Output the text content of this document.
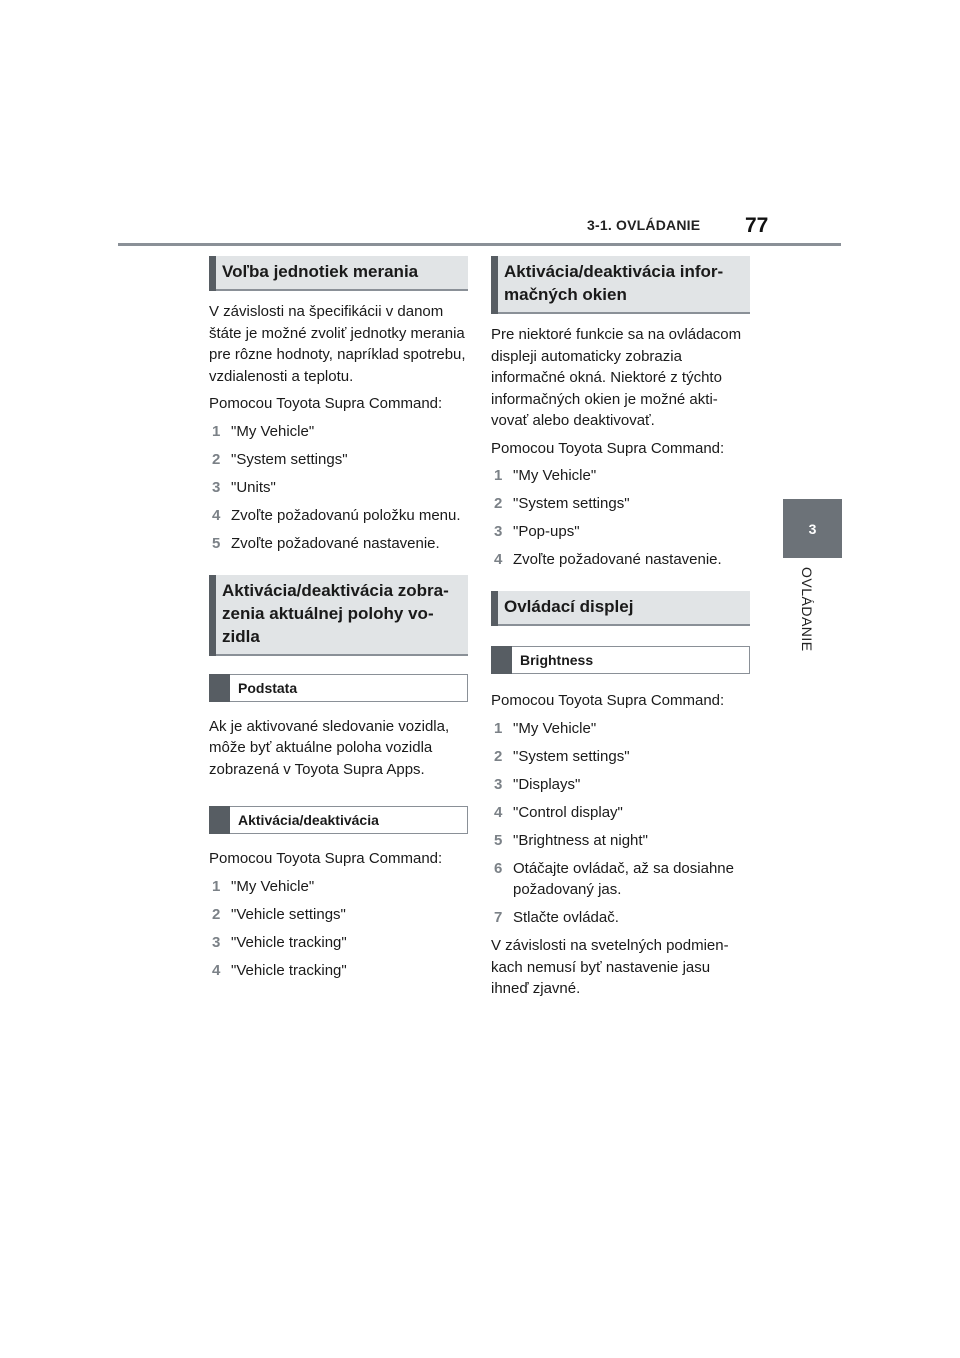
3-1. OVLÁDANIE 77
3
OVLÁDANIE
Voľba jednotiek merania

V závislosti na špecifikácii v danom štáte je možné zvoliť jednotky merania pre rôzne hodnoty, napríklad spotrebu, vzdialenosti a teplotu.

Pomocou Toyota Supra Command:

1 "My Vehicle"
2 "System settings"
3 "Units"
4 Zvoľte požadovanú položku menu.
5 Zvoľte požadované nastavenie.
Aktivácia/deaktivácia zobrazenia aktuálnej polohy vozidla
Podstata

Ak je aktivované sledovanie vozidla, môže byť aktuálne poloha vozidla zobrazená v Toyota Supra Apps.

Aktivácia/deaktivácia

Pomocou Toyota Supra Command:

1 "My Vehicle"
2 "Vehicle settings"
3 "Vehicle tracking"
4 "Vehicle tracking"
Aktivácia/deaktivácia informačných okien

Pre niektoré funkcie sa na ovládacom displeji automaticky zobrazia informačné okná. Niektoré z týchto informačných okien je možné aktivovať alebo deaktivovať.

Pomocou Toyota Supra Command:

1 "My Vehicle"
2 "System settings"
3 "Pop-ups"
4 Zvoľte požadované nastavenie.
Ovládací displej
Brightness

Pomocou Toyota Supra Command:

1 "My Vehicle"
2 "System settings"
3 "Displays"
4 "Control display"
5 "Brightness at night"
6 Otáčajte ovládač, až sa dosiahne požadovaný jas.
7 Stlačte ovládač.

V závislosti na svetelných podmienkach nemusí byť nastavenie jasu ihneď zjavné.
